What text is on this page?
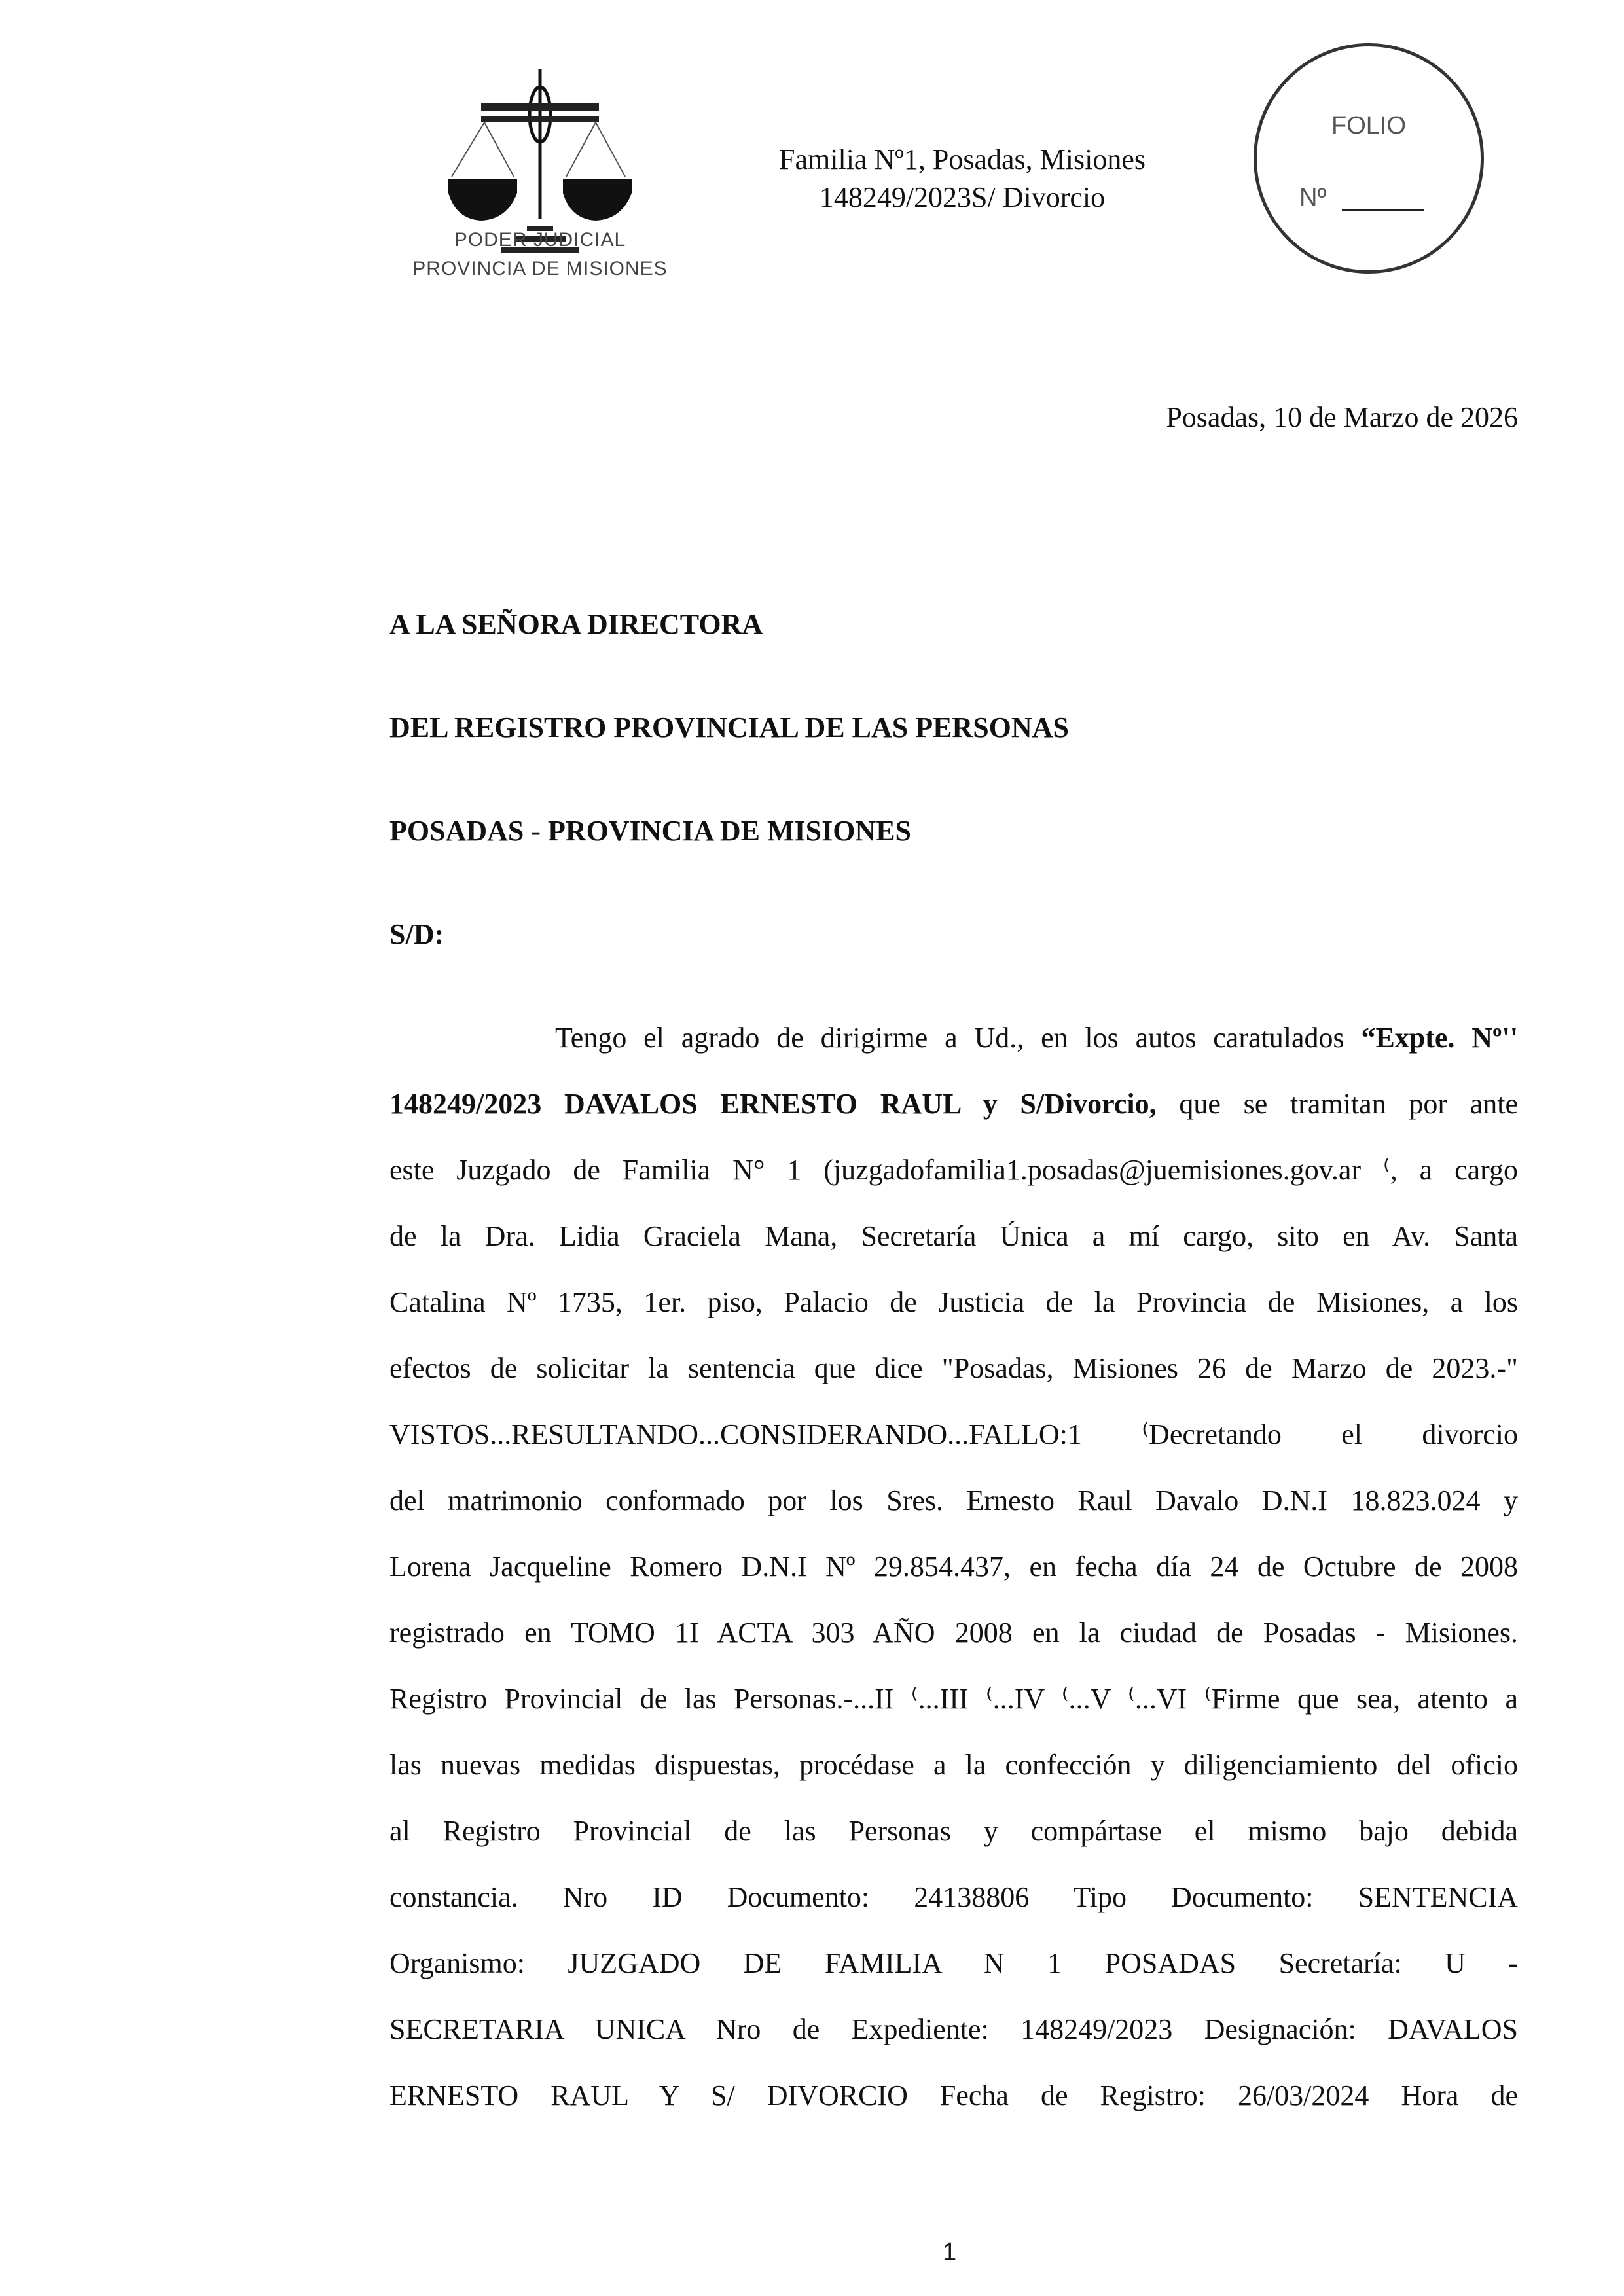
PODER JUDICIAL
PROVINCIA DE MISIONES
Familia Nº1, Posadas, Misiones
148249/2023S/ Divorcio
FOLIO
Nº
Posadas, 10 de Marzo de 2026
A LA SEÑORA DIRECTORA
DEL REGISTRO PROVINCIAL DE LAS PERSONAS
POSADAS - PROVINCIA DE MISIONES
S/D:
Tengo el agrado de dirigirme a Ud., en los autos caratulados “Expte. Nº''
148249/2023 DAVALOS ERNESTO RAUL y S/Divorcio, que se tramitan por ante
este Juzgado de Familia N° 1 (juzgadofamilia1.posadas@juemisiones.gov.ar ⁽, a cargo
de la Dra. Lidia Graciela Mana, Secretaría Única a mí cargo, sito en Av. Santa
Catalina Nº 1735, 1er. piso, Palacio de Justicia de la Provincia de Misiones, a los
efectos de solicitar la sentencia que dice "Posadas, Misiones 26 de Marzo de 2023.-"
VISTOS...RESULTANDO...CONSIDERANDO...FALLO:1 ⁽Decretando el divorcio
del matrimonio conformado por los Sres. Ernesto Raul Davalo D.N.I 18.823.024 y
Lorena Jacqueline Romero D.N.I Nº 29.854.437, en fecha día 24 de Octubre de 2008
registrado en TOMO 1I ACTA 303 AÑO 2008 en la ciudad de Posadas - Misiones.
Registro Provincial de las Personas.-...II ⁽...III ⁽...IV ⁽...V ⁽...VI ⁽Firme que sea, atento a
las nuevas medidas dispuestas, procédase a la confección y diligenciamiento del oficio
al Registro Provincial de las Personas y compártase el mismo bajo debida
constancia. Nro ID Documento: 24138806 Tipo Documento: SENTENCIA
Organismo: JUZGADO DE FAMILIA N 1 POSADAS Secretaría: U -
SECRETARIA UNICA Nro de Expediente: 148249/2023 Designación: DAVALOS
ERNESTO RAUL Y S/ DIVORCIO Fecha de Registro: 26/03/2024 Hora de
1
